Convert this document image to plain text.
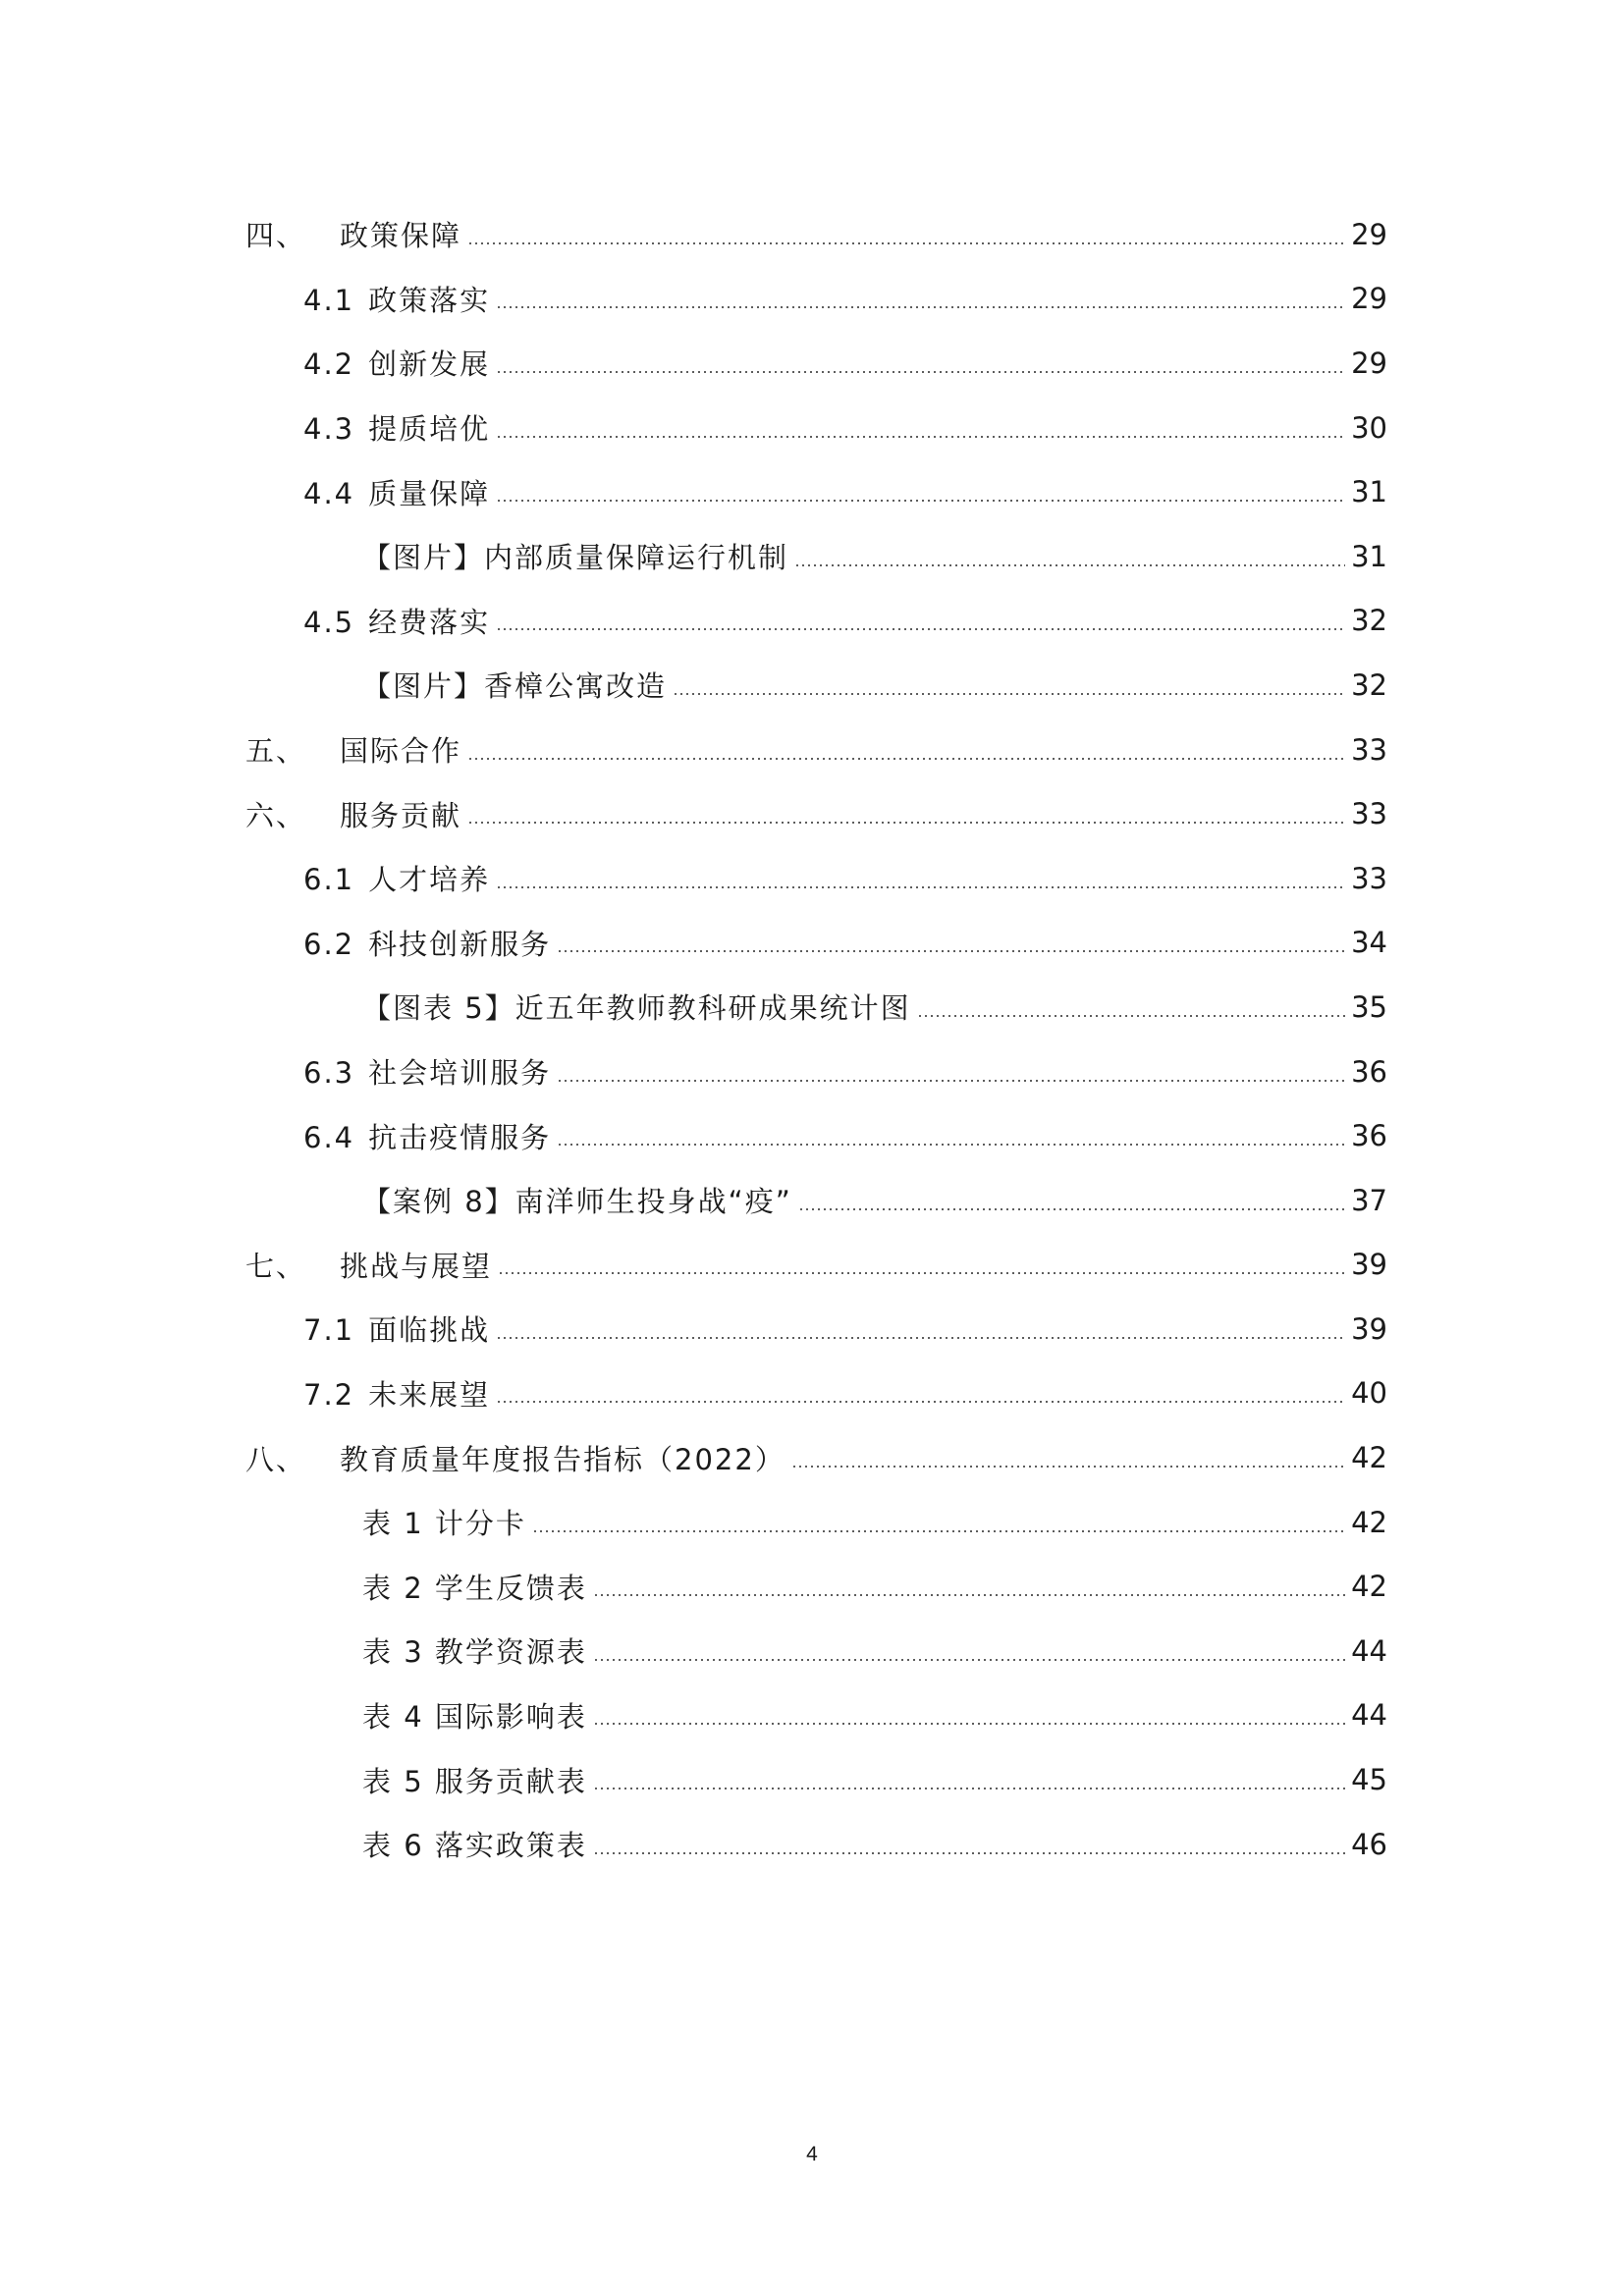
四、 政策保障	29
4.1 政策落实	29
4.2 创新发展	29
4.3 提质培优	30
4.4 质量保障	31
【图片】内部质量保障运行机制	31
4.5 经费落实	32
【图片】香樟公寓改造	32
五、 国际合作	33
六、 服务贡献	33
6.1 人才培养	33
6.2 科技创新服务	34
【图表 5】近五年教师教科研成果统计图	35
6.3 社会培训服务	36
6.4 抗击疫情服务	36
【案例 8】南洋师生投身战“疫”	37
七、 挑战与展望	39
7.1 面临挑战	39
7.2 未来展望	40
八、 教育质量年度报告指标（2022）	42
表 1 计分卡	42
表 2 学生反馈表	42
表 3 教学资源表	44
表 4 国际影响表	44
表 5 服务贡献表	45
表 6 落实政策表	46
4
